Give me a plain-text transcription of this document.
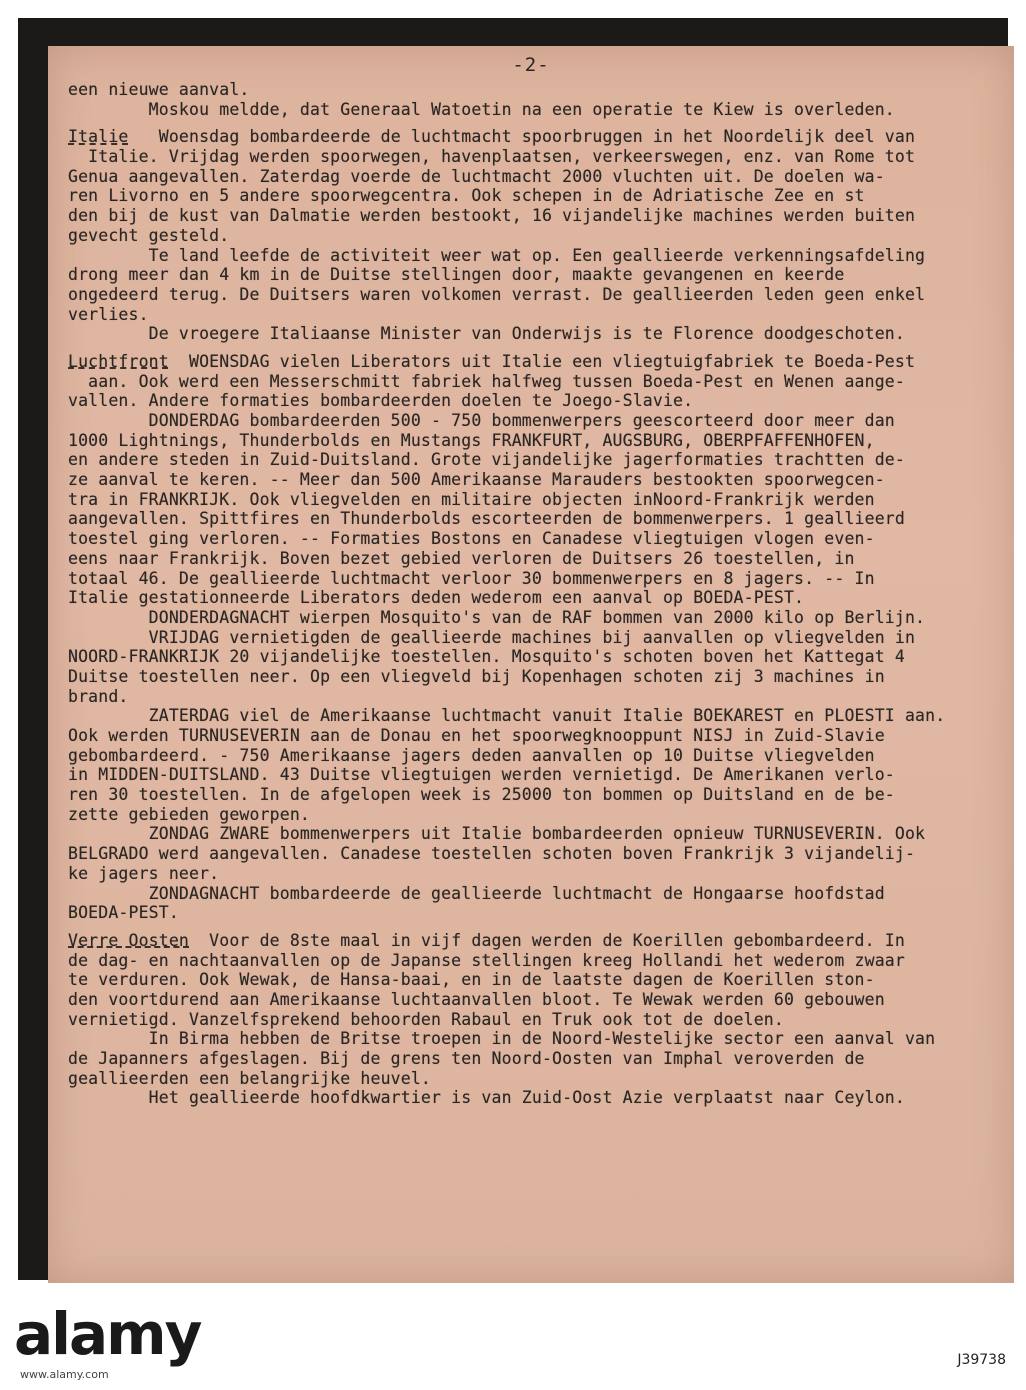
-2-
een nieuwe aanval.
Moskou meldde, dat Generaal Watoetin na een operatie te Kiew is overleden.
Italie   Woensdag bombardeerde de luchtmacht spoorbruggen in het Noordelijk deel van
Italie. Vrijdag werden spoorwegen, havenplaatsen, verkeerswegen, enz. van Rome tot
Genua aangevallen. Zaterdag voerde de luchtmacht 2000 vluchten uit. De doelen wa-
ren Livorno en 5 andere spoorwegcentra. Ook schepen in de Adriatische Zee en st
den bij de kust van Dalmatie werden bestookt, 16 vijandelijke machines werden buiten
gevecht gesteld.
Te land leefde de activiteit weer wat op. Een geallieerde verkenningsafdeling
drong meer dan 4 km in de Duitse stellingen door, maakte gevangenen en keerde
ongedeerd terug. De Duitsers waren volkomen verrast. De geallieerden leden geen enkel
verlies.
De vroegere Italiaanse Minister van Onderwijs is te Florence doodgeschoten.
Luchtfront  WOENSDAG vielen Liberators uit Italie een vliegtuigfabriek te Boeda-Pest
aan. Ook werd een Messerschmitt fabriek halfweg tussen Boeda-Pest en Wenen aange-
vallen. Andere formaties bombardeerden doelen te Joego-Slavie.
DONDERDAG bombardeerden 500 - 750 bommenwerpers geescorteerd door meer dan
1000 Lightnings, Thunderbolds en Mustangs FRANKFURT, AUGSBURG, OBERPFAFFENHOFEN,
en andere steden in Zuid-Duitsland. Grote vijandelijke jagerformaties trachtten de-
ze aanval te keren. -- Meer dan 500 Amerikaanse Marauders bestookten spoorwegcen-
tra in FRANKRIJK. Ook vliegvelden en militaire objecten inNoord-Frankrijk werden
aangevallen. Spittfires en Thunderbolds escorteerden de bommenwerpers. 1 geallieerd
toestel ging verloren. -- Formaties Bostons en Canadese vliegtuigen vlogen even-
eens naar Frankrijk. Boven bezet gebied verloren de Duitsers 26 toestellen, in
totaal 46. De geallieerde luchtmacht verloor 30 bommenwerpers en 8 jagers. -- In
Italie gestationneerde Liberators deden wederom een aanval op BOEDA-PEST.
DONDERDAGNACHT wierpen Mosquito's van de RAF bommen van 2000 kilo op Berlijn.
VRIJDAG vernietigden de geallieerde machines bij aanvallen op vliegvelden in
NOORD-FRANKRIJK 20 vijandelijke toestellen. Mosquito's schoten boven het Kattegat 4
Duitse toestellen neer. Op een vliegveld bij Kopenhagen schoten zij 3 machines in
brand.
ZATERDAG viel de Amerikaanse luchtmacht vanuit Italie BOEKAREST en PLOESTI aan.
Ook werden TURNUSEVERIN aan de Donau en het spoorwegknooppunt NISJ in Zuid-Slavie
gebombardeerd. - 750 Amerikaanse jagers deden aanvallen op 10 Duitse vliegvelden
in MIDDEN-DUITSLAND. 43 Duitse vliegtuigen werden vernietigd. De Amerikanen verlo-
ren 30 toestellen. In de afgelopen week is 25000 ton bommen op Duitsland en de be-
zette gebieden geworpen.
ZONDAG ZWARE bommenwerpers uit Italie bombardeerden opnieuw TURNUSEVERIN. Ook
BELGRADO werd aangevallen. Canadese toestellen schoten boven Frankrijk 3 vijandelij-
ke jagers neer.
ZONDAGNACHT bombardeerde de geallieerde luchtmacht de Hongaarse hoofdstad
BOEDA-PEST.
Verre Oosten  Voor de 8ste maal in vijf dagen werden de Koerillen gebombardeerd. In
de dag- en nachtaanvallen op de Japanse stellingen kreeg Hollandi het wederom zwaar
te verduren. Ook Wewak, de Hansa-baai, en in de laatste dagen de Koerillen ston-
den voortdurend aan Amerikaanse luchtaanvallen bloot. Te Wewak werden 60 gebouwen
vernietigd. Vanzelfsprekend behoorden Rabaul en Truk ook tot de doelen.
In Birma hebben de Britse troepen in de Noord-Westelijke sector een aanval van
de Japanners afgeslagen. Bij de grens ten Noord-Oosten van Imphal veroverden de
geallieerden een belangrijke heuvel.
Het geallieerde hoofdkwartier is van Zuid-Oost Azie verplaatst naar Ceylon.
alamy	J39738
www.alamy.com
